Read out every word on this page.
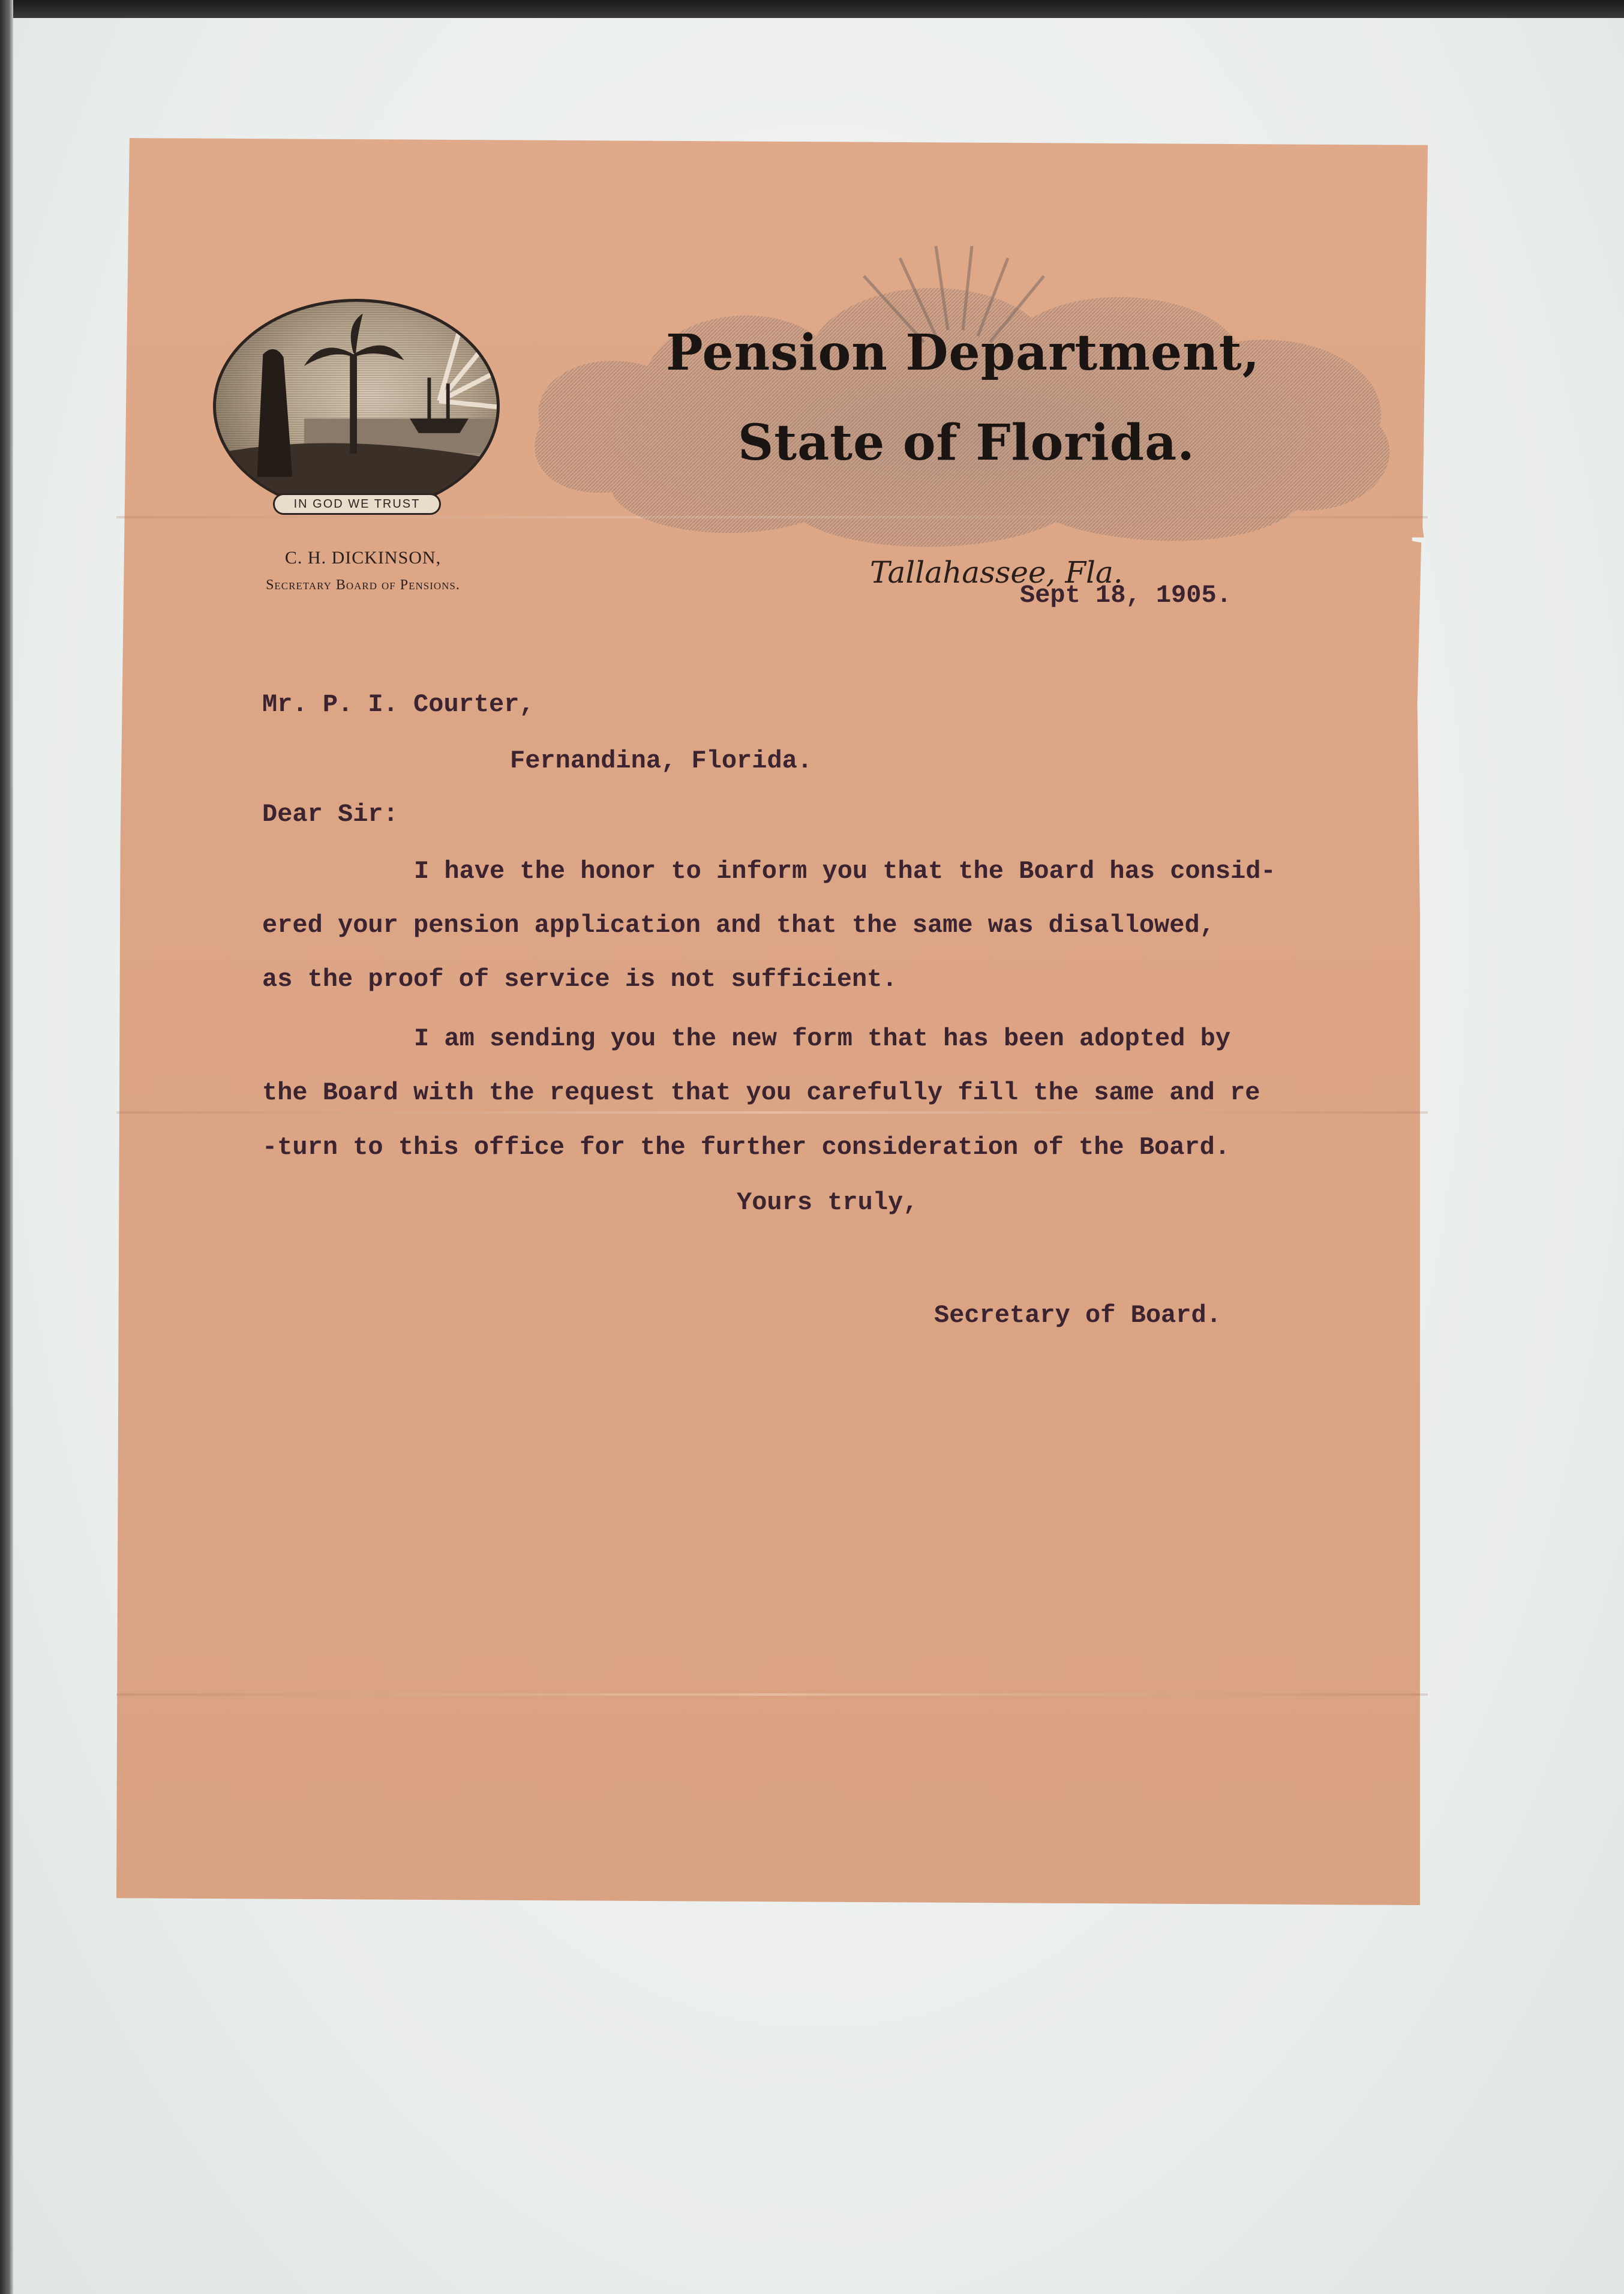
Pension Department,
State of Florida.
IN GOD WE TRUST
C. H. DICKINSON,
Secretary Board of Pensions.	Tallahassee, Fla.
Sept 18, 1905.
Mr. P. I. Courter,
Fernandina, Florida.
Dear Sir:
I have the honor to inform you that the Board has consid-
ered your pension application and that the same was disallowed,
as the proof of service is not sufficient.
I am sending you the new form that has been adopted by
the Board with the request that you carefully fill the same and re
-turn to this office for the further consideration of the Board.
Yours truly,
Secretary of Board.
